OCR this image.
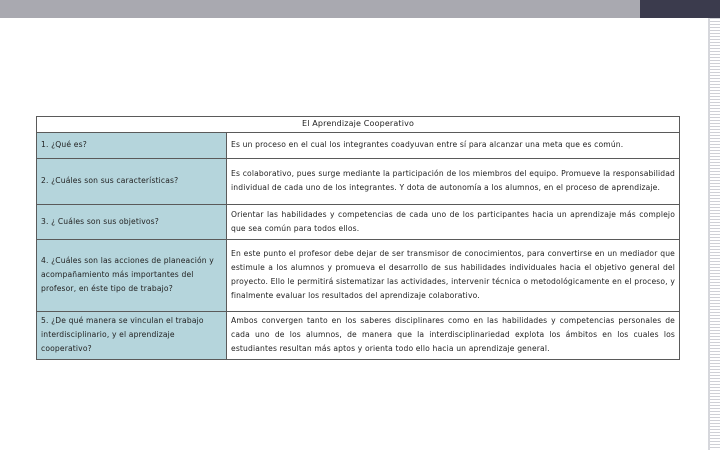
El Aprendizaje Cooperativo	
1. ¿Qué es?	Es un proceso en el cual los integrantes coadyuvan entre sí para alcanzar una meta que es común.
2. ¿Cuáles son sus características?	Es colaborativo, pues surge mediante la participación de los miembros del equipo. Promueve la responsabilidad individual de cada uno de los integrantes. Y dota de autonomía a los alumnos, en el proceso de aprendizaje.
3. ¿ Cuáles son sus objetivos?	Orientar las habilidades y competencias de cada uno de los participantes hacia un aprendizaje más complejo que sea común para todos ellos.
4. ¿Cuáles son las acciones de planeación y acompañamiento más importantes del profesor, en éste tipo de trabajo?	En este punto el profesor debe dejar de ser transmisor de conocimientos, para convertirse en un mediador que estimule a los alumnos y promueva el desarrollo de sus habilidades individuales hacia el objetivo general del proyecto. Ello le permitirá sistematizar las actividades, intervenir técnica o metodológicamente en el proceso, y finalmente evaluar los resultados del aprendizaje colaborativo.
5. ¿De qué manera se vinculan el trabajo interdisciplinario, y el aprendizaje cooperativo?	Ambos convergen tanto en los saberes disciplinares como en las habilidades y competencias personales de cada uno de los alumnos, de manera que la interdisciplinariedad explota los ámbitos en los cuales los estudiantes resultan más aptos y orienta todo ello hacia un aprendizaje general.
